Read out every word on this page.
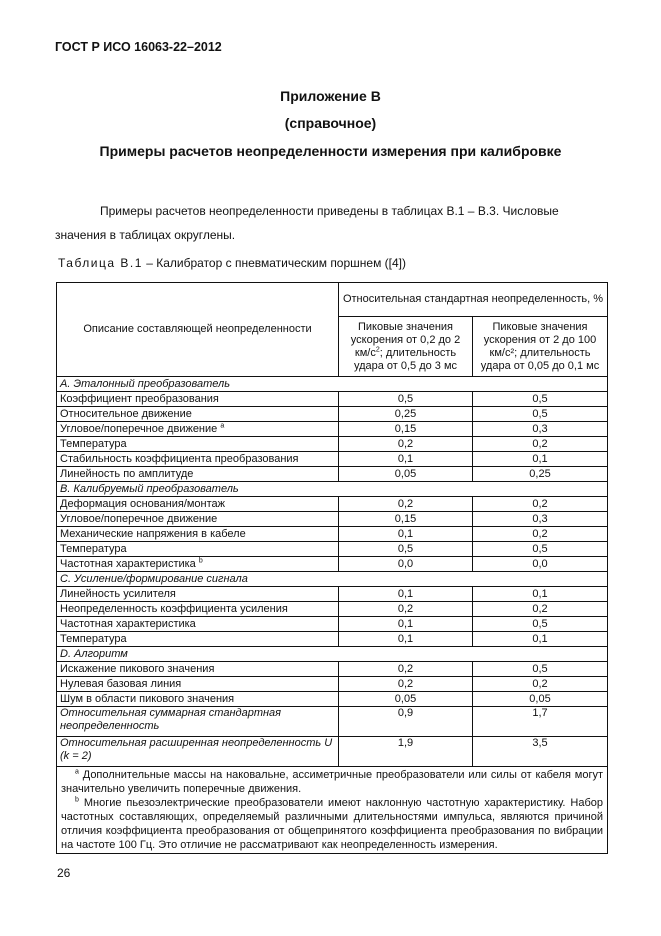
ГОСТ Р ИСО 16063-22–2012
Приложение В
(справочное)
Примеры расчетов неопределенности измерения при калибровке

Примеры расчетов неопределенности приведены в таблицах В.1 – В.3. Числовые значения в таблицах округлены.

Таблица В.1 – Калибратор с пневматическим поршнем ([4])
Описание составляющей неопределенности	Относительная стандартная неопределенность, %	
	Пиковые значения ускорения от 0,2 до 2 $км/с^2$; длительность удара от 0,5 до 3 мс	Пиковые значения ускорения от 2 до 100 км/с²; длительность удара от 0,05 до 0,1 мс
А. Эталонный преобразователь		
Коэффициент преобразования	0,5	0,5
Относительное движение	0,25	0,5
Угловое/поперечное движение $^a$	0,15	0,3
Температура	0,2	0,2
Стабильность коэффициента преобразования	0,1	0,1
Линейность по амплитуде	0,05	0,25
В. Калибруемый преобразователь		
Деформация основания/монтаж	0,2	0,2
Угловое/поперечное движение	0,15	0,3
Механические напряжения в кабеле	0,1	0,2
Температура	0,5	0,5
Частотная характеристика $^b$	0,0	0,0
С. Усиление/формирование сигнала		
Линейность усилителя	0,1	0,1
Неопределенность коэффициента усиления	0,2	0,2
Частотная характеристика	0,1	0,5
Температура	0,1	0,1
D. Алгоритм		
Искажение пикового значения	0,2	0,5
Нулевая базовая линия	0,2	0,2
Шум в области пикового значения	0,05	0,05
Относительная суммарная стандартная неопределенность	0,9	1,7
Относительная расширенная неопределенность U (k = 2)	1,9	3,5

$^a$ Дополнительные массы на наковальне, ассиметричные преобразователи или силы от кабеля могут значительно увеличить поперечные движения.

$^b$ Многие пьезоэлектрические преобразователи имеют наклонную частотную характеристику. Набор частотных составляющих, определяемый различными длительностями импульса, являются причиной отличия коэффициента преобразования от общепринятого коэффициента преобразования по вибрации на частоте 100 Гц. Это отличие не рассматривают как неопределенность измерения.		

26
